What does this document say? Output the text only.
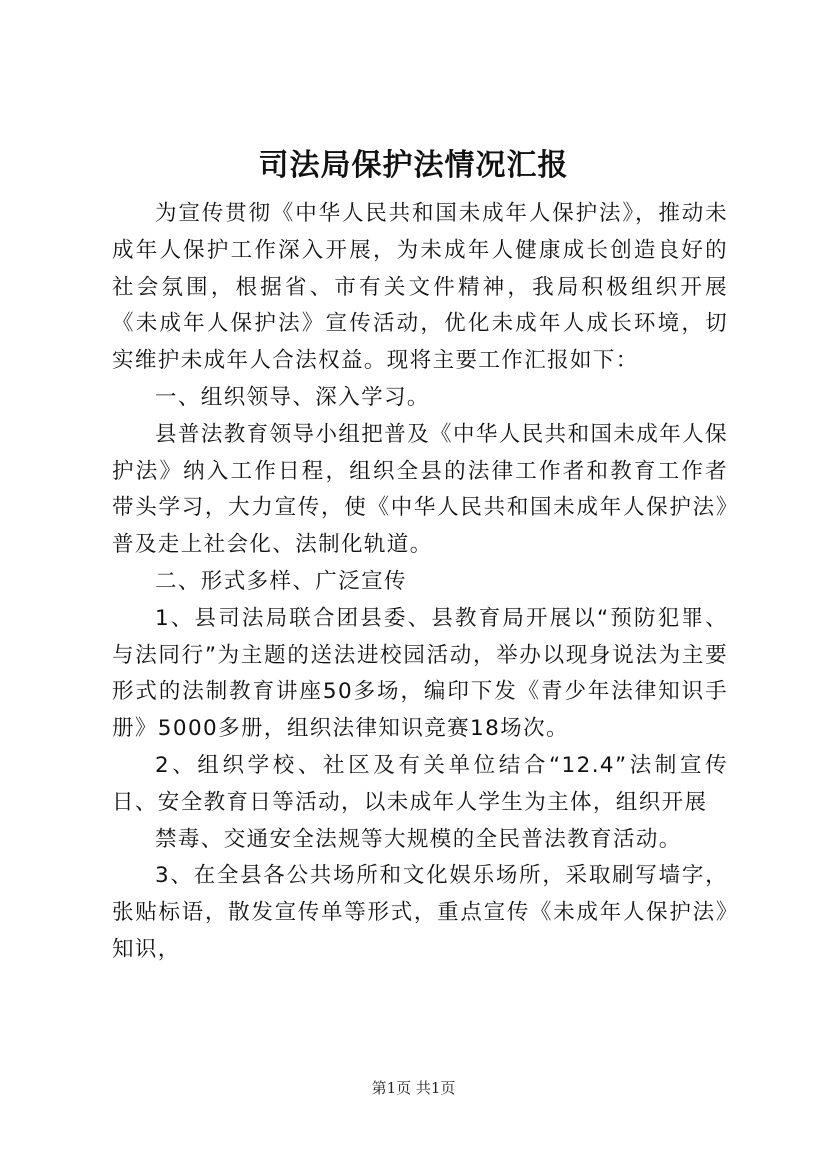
司法局保护法情况汇报

为宣传贯彻《中华人民共和国未成年人保护法》，推动未成年人保护工作深入开展，为未成年人健康成长创造良好的社会氛围，根据省、市有关文件精神，我局积极组织开展《未成年人保护法》宣传活动，优化未成年人成长环境，切实维护未成年人合法权益。现将主要工作汇报如下：

一、组织领导、深入学习。

县普法教育领导小组把普及《中华人民共和国未成年人保护法》纳入工作日程，组织全县的法律工作者和教育工作者带头学习，大力宣传，使《中华人民共和国未成年人保护法》普及走上社会化、法制化轨道。

二、形式多样、广泛宣传

1、县司法局联合团县委、县教育局开展以“预防犯罪、与法同行”为主题的送法进校园活动，举办以现身说法为主要形式的法制教育讲座50多场，编印下发《青少年法律知识手册》5000多册，组织法律知识竞赛18场次。

2、组织学校、社区及有关单位结合“12.4”法制宣传日、安全教育日等活动，以未成年人学生为主体，组织开展

禁毒、交通安全法规等大规模的全民普法教育活动。

3、在全县各公共场所和文化娱乐场所，采取刷写墙字，张贴标语，散发宣传单等形式，重点宣传《未成年人保护法》知识，

第1页 共1页
